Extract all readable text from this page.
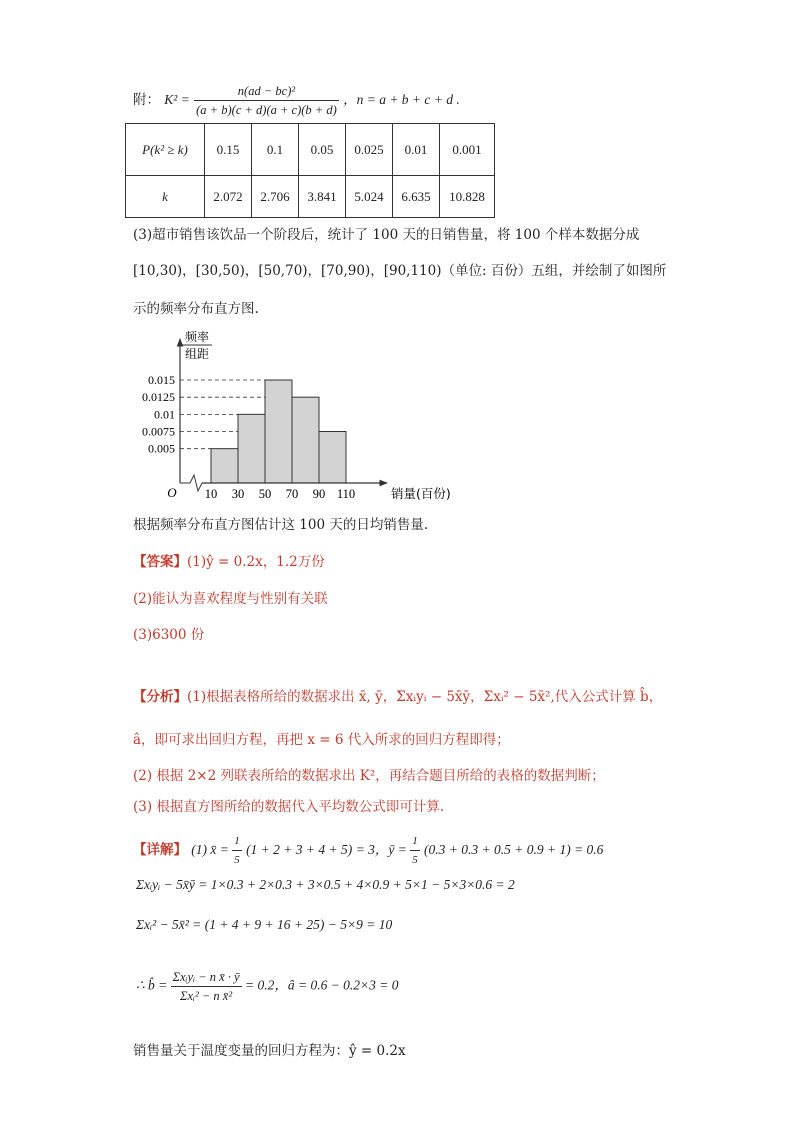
附： $K^2 = \frac{\text{n(ad − bc)²}}{(a + b)(c + d)(a + c)(b + d)}$ ，n = a + b + c + d .
P(k² ≥ k)	0.15	0.1	0.05	0.025	0.01	0.001
k	2.072	2.706	3.841	5.024	6.635	10.828
(3)超市销售该饮品一个阶段后，统计了 100 天的日销售量，将 100 个样本数据分成
[10,30)，[30,50)，[50,70)，[70,90)，[90,110)（单位: 百份）五组，并绘制了如图所
示的频率分布直方图.
频率
组距
0.015
0.0125
0.01
0.0075
0.005
10 30 50 70 90 110
O	销量(百份)
根据频率分布直方图估计这 100 天的日均销售量.
【答案】(1)ŷ = 0.2x，1.2万份
(2)能认为喜欢程度与性别有关联
(3)6300 份
【分析】(1)根据表格所给的数据求出 x̄, ȳ，Σxᵢyᵢ − 5x̄ȳ，Σxᵢ² − 5x̄²,代入公式计算 b̂，
â，即可求出回归方程，再把 x = 6 代入所求的回归方程即得；
(2) 根据 2×2 列联表所给的数据求出 K²，再结合题目所给的表格的数据判断；
(3) 根据直方图所给的数据代入平均数公式即可计算.
【详解】 (1) x̄ = $\frac{1}{5} (1 + 2 + 3 + 4 + 5) = 3$，ȳ = $\frac{1}{5} (0.3 + 0.3 + 0.5 + 0.9 + 1) = 0.6$
Σxᵢyᵢ − 5x̄ȳ = 1×0.3 + 2×0.3 + 3×0.5 + 4×0.9 + 5×1 − 5×3×0.6 = 2
Σxᵢ² − 5x̄² = (1 + 4 + 9 + 16 + 25) − 5×9 = 10
∴ b̂ = $\frac{\text{Σxᵢyᵢ − n x̄ · ȳ}}{\text{Σxᵢ² − n x̄²}} = 0.2$，â = 0.6 − 0.2×3 = 0
销售量关于温度变量的回归方程为：ŷ = 0.2x
